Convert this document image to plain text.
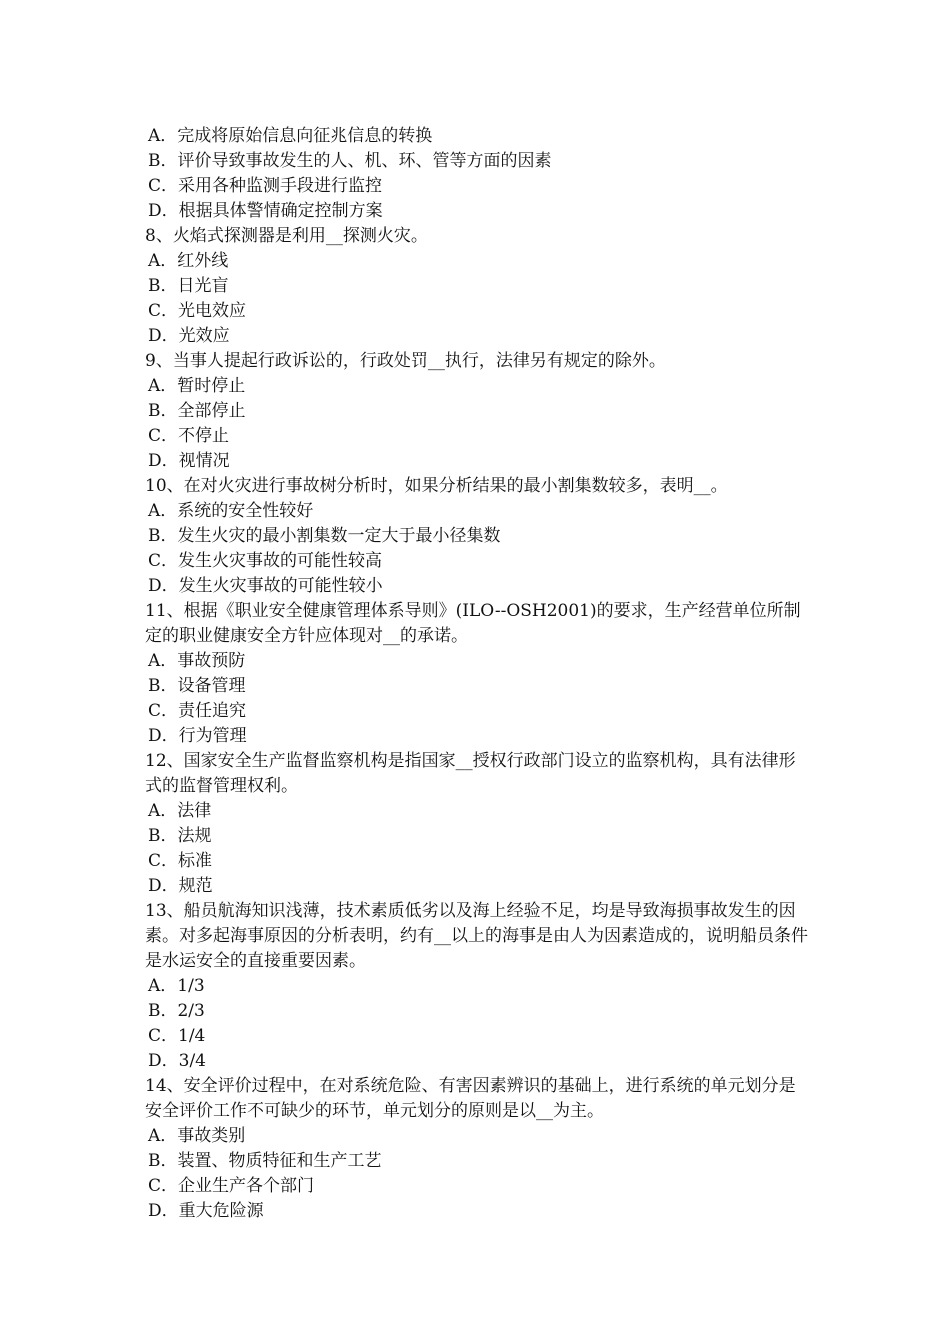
A．完成将原始信息向征兆信息的转换
B．评价导致事故发生的人、机、环、管等方面的因素
C．采用各种监测手段进行监控
D．根据具体警情确定控制方案
8、火焰式探测器是利用__探测火灾。
A．红外线
B．日光盲
C．光电效应
D．光效应
9、当事人提起行政诉讼的，行政处罚__执行，法律另有规定的除外。
A．暂时停止
B．全部停止
C．不停止
D．视情况
10、在对火灾进行事故树分析时，如果分析结果的最小割集数较多，表明__。
A．系统的安全性较好
B．发生火灾的最小割集数一定大于最小径集数
C．发生火灾事故的可能性较高
D．发生火灾事故的可能性较小
11、根据《职业安全健康管理体系导则》(ILO--OSH2001)的要求，生产经营单位所制定的职业健康安全方针应体现对__的承诺。
A．事故预防
B．设备管理
C．责任追究
D．行为管理
12、国家安全生产监督监察机构是指国家__授权行政部门设立的监察机构，具有法律形式的监督管理权利。
A．法律
B．法规
C．标准
D．规范
13、船员航海知识浅薄，技术素质低劣以及海上经验不足，均是导致海损事故发生的因素。对多起海事原因的分析表明，约有__以上的海事是由人为因素造成的，说明船员条件是水运安全的直接重要因素。
A．1/3
B．2/3
C．1/4
D．3/4
14、安全评价过程中，在对系统危险、有害因素辨识的基础上，进行系统的单元划分是安全评价工作不可缺少的环节，单元划分的原则是以__为主。
A．事故类别
B．装置、物质特征和生产工艺
C．企业生产各个部门
D．重大危险源
